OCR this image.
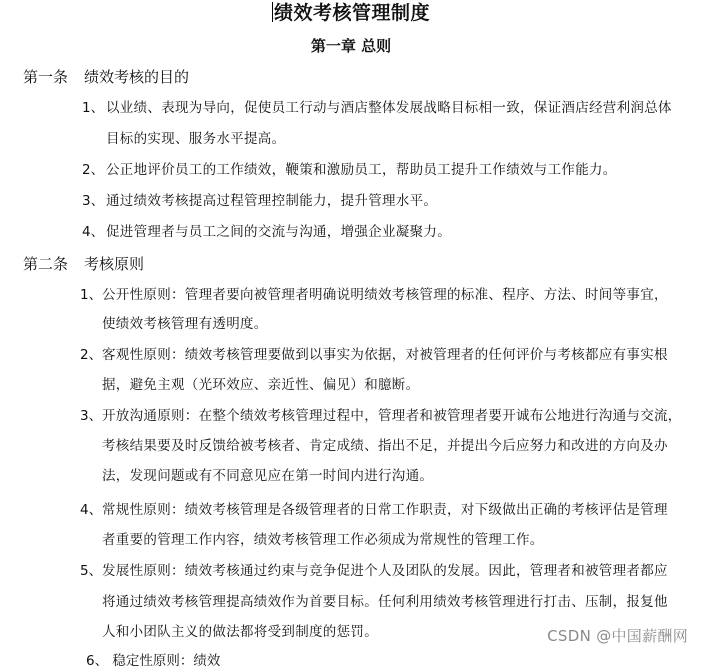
绩效考核管理制度
第一章 总则
第一条 绩效考核的目的
1、 以业绩、表现为导向，促使员工行动与酒店整体发展战略目标相一致，保证酒店经营利润总体
目标的实现、服务水平提高。
2、 公正地评价员工的工作绩效，鞭策和激励员工，帮助员工提升工作绩效与工作能力。
3、 通过绩效考核提高过程管理控制能力，提升管理水平。
4、 促进管理者与员工之间的交流与沟通，增强企业凝聚力。
第二条 考核原则
1、 公开性原则：管理者要向被管理者明确说明绩效考核管理的标准、程序、方法、时间等事宜，
使绩效考核管理有透明度。
2、 客观性原则：绩效考核管理要做到以事实为依据，对被管理者的任何评价与考核都应有事实根
据，避免主观（光环效应、亲近性、偏见）和臆断。
3、 开放沟通原则：在整个绩效考核管理过程中，管理者和被管理者要开诚布公地进行沟通与交流，
考核结果要及时反馈给被考核者、肯定成绩、指出不足，并提出今后应努力和改进的方向及办
法，发现问题或有不同意见应在第一时间内进行沟通。
4、 常规性原则：绩效考核管理是各级管理者的日常工作职责，对下级做出正确的考核评估是管理
者重要的管理工作内容，绩效考核管理工作必须成为常规性的管理工作。
5、 发展性原则：绩效考核通过约束与竞争促进个人及团队的发展。因此，管理者和被管理者都应
将通过绩效考核管理提高绩效作为首要目标。任何利用绩效考核管理进行打击、压制，报复他
人和小团队主义的做法都将受到制度的惩罚。
6、 稳定性原则：绩效
CSDN @中国薪酬网
